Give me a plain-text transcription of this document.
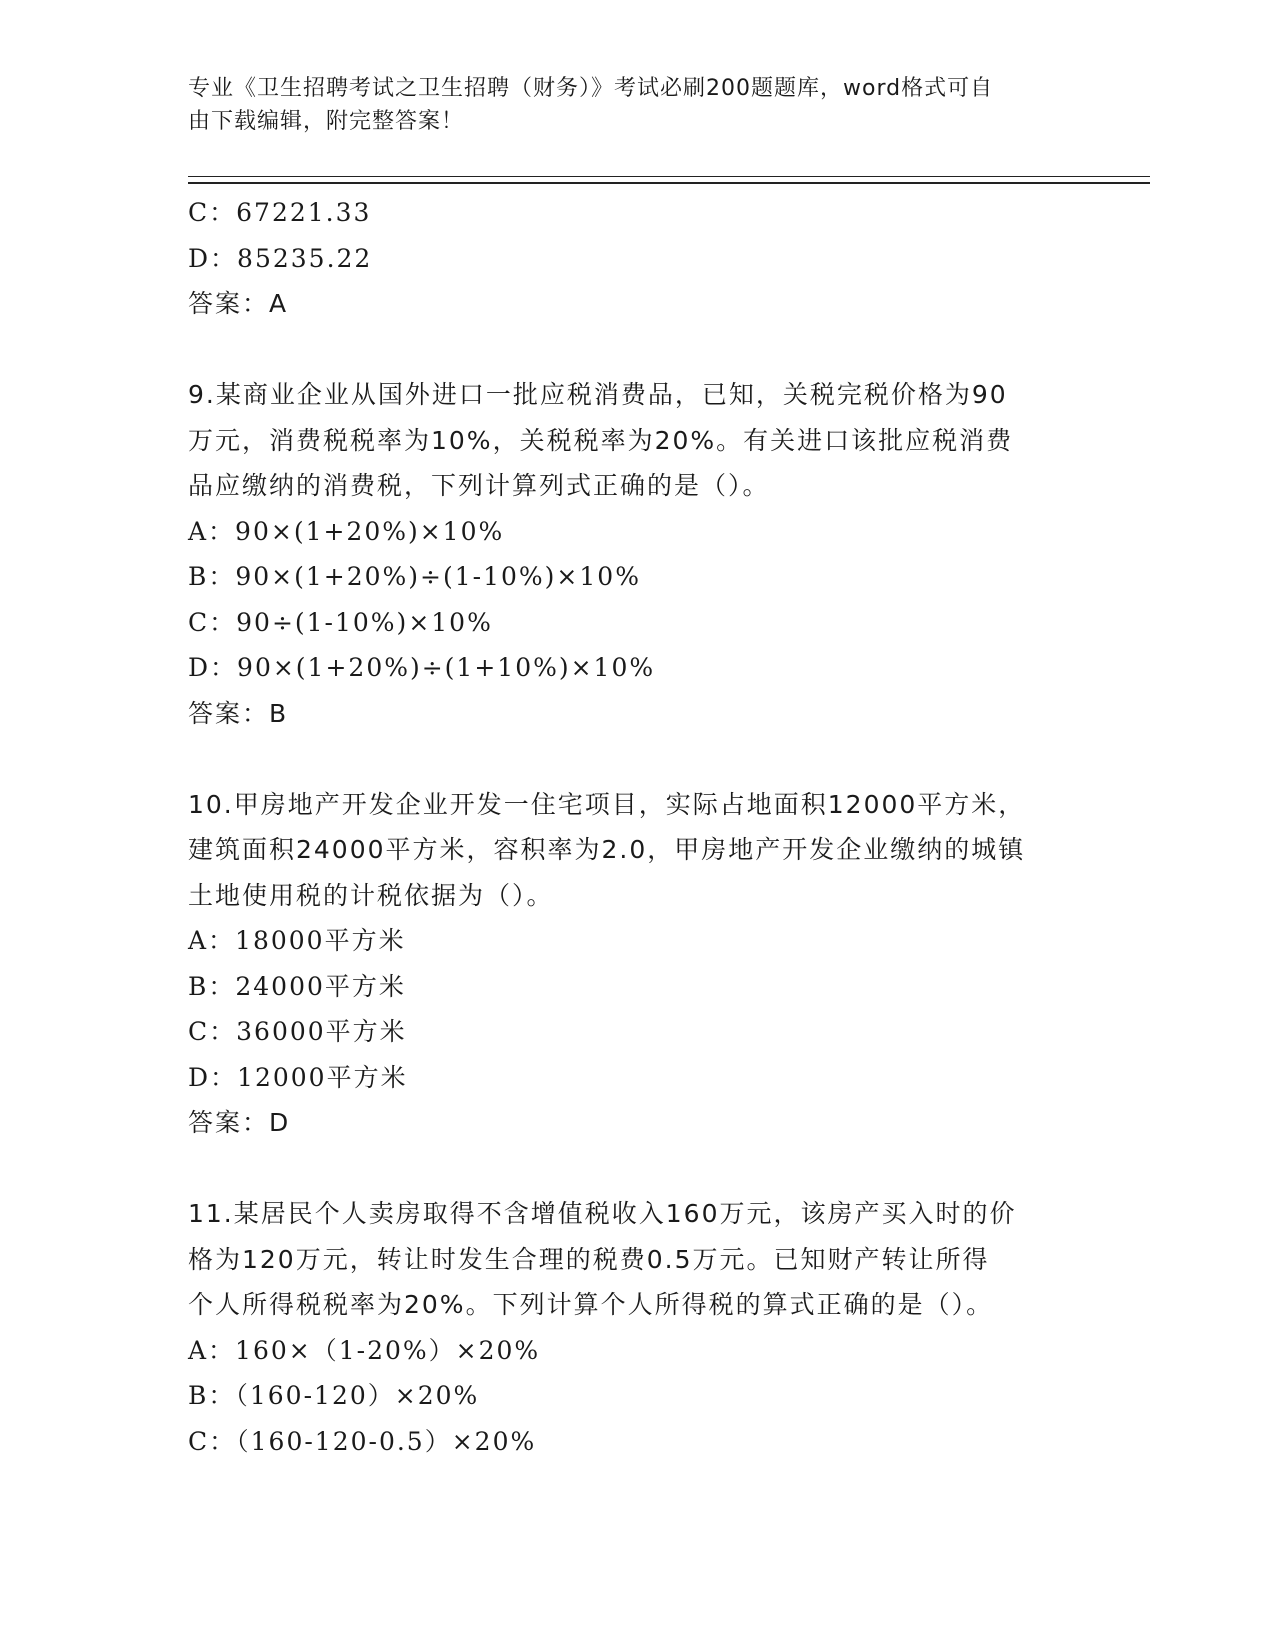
专业《卫生招聘考试之卫生招聘（财务）》考试必刷200题题库，word格式可自
由下载编辑，附完整答案！
C：67221.33
D：85235.22
答案：A
9.某商业企业从国外进口一批应税消费品，已知，关税完税价格为90
万元，消费税税率为10%，关税税率为20%。有关进口该批应税消费
品应缴纳的消费税，下列计算列式正确的是（）。
A：90×(1+20%)×10%
B：90×(1+20%)÷(1-10%)×10%
C：90÷(1-10%)×10%
D：90×(1+20%)÷(1+10%)×10%
答案：B
10.甲房地产开发企业开发一住宅项目，实际占地面积12000平方米，
建筑面积24000平方米，容积率为2.0，甲房地产开发企业缴纳的城镇
土地使用税的计税依据为（）。
A：18000平方米
B：24000平方米
C：36000平方米
D：12000平方米
答案：D
11.某居民个人卖房取得不含增值税收入160万元，该房产买入时的价
格为120万元，转让时发生合理的税费0.5万元。已知财产转让所得
个人所得税税率为20%。下列计算个人所得税的算式正确的是（）。
A：160×（1-20%）×20%
B：（160-120）×20%
C：（160-120-0.5）×20%
